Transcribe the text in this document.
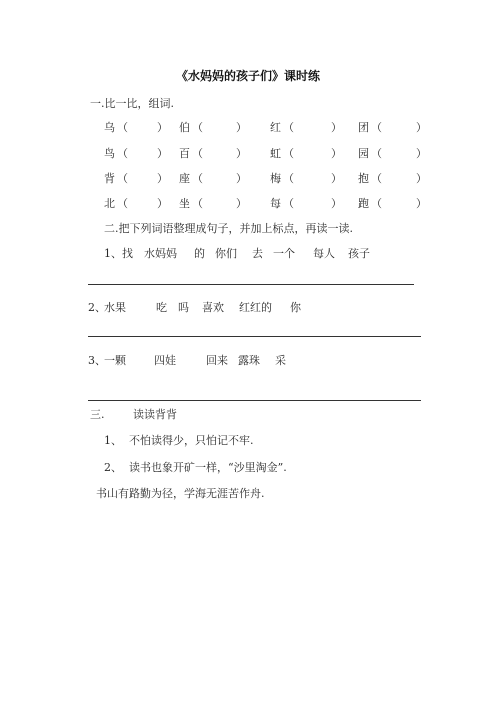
《水妈妈的孩子们》课时练
一.比一比，组词.
乌 （	） 伯 （	） 红 （	） 团 （	）
鸟 （	） 百 （	） 虹 （	） 园 （	）
背 （	） 座 （	） 梅 （	） 抱 （	）
北 （	） 坐 （	） 每 （	） 跑 （	）
二.把下列词语整理成句子，并加上标点，再读一读.
1、 找 水妈妈 的 你们 去 一个 每人 孩子
2、
水果	吃 吗 喜欢 红红的 你
3、
一颗	四娃	回来 露珠 采
三.	读读背背
1、 不怕读得少，只怕记不牢.
2、 读书也象开矿一样，“沙里淘金”.
书山有路勤为径，学海无涯苦作舟.
